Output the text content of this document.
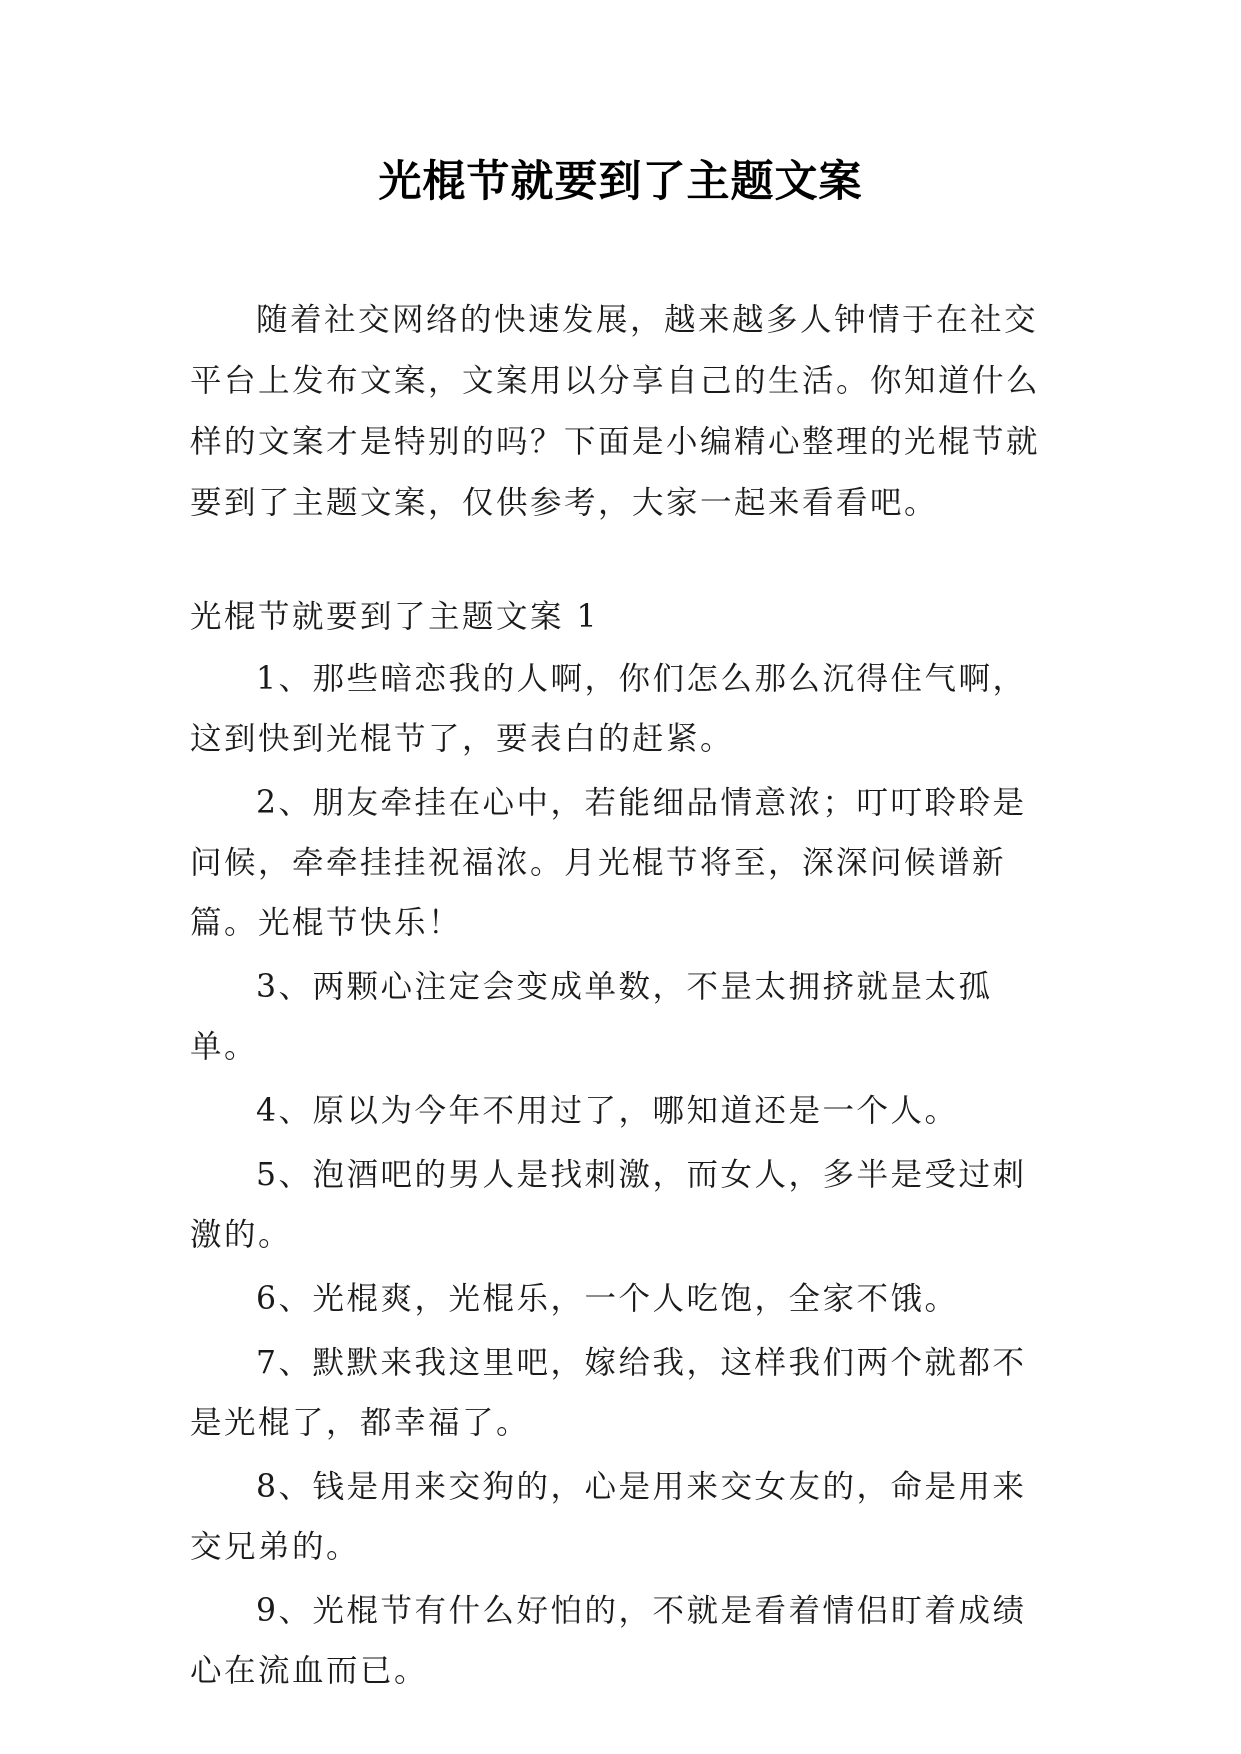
光棍节就要到了主题文案

随着社交网络的快速发展，越来越多人钟情于在社交平台上发布文案，文案用以分享自己的生活。你知道什么样的文案才是特别的吗？下面是小编精心整理的光棍节就要到了主题文案，仅供参考，大家一起来看看吧。

光棍节就要到了主题文案 1

1、那些暗恋我的人啊，你们怎么那么沉得住气啊，这到快到光棍节了，要表白的赶紧。

2、朋友牵挂在心中，若能细品情意浓；叮叮聆聆是问候，牵牵挂挂祝福浓。月光棍节将至，深深问候谱新篇。光棍节快乐！

3、两颗心注定会变成单数，不昰太拥挤就昰太孤单。

4、原以为今年不用过了，哪知道还是一个人。

5、泡酒吧的男人是找刺激，而女人，多半是受过刺激的。

6、光棍爽，光棍乐，一个人吃饱，全家不饿。

7、默默来我这里吧，嫁给我，这样我们两个就都不是光棍了，都幸福了。

8、钱是用来交狗的，心是用来交女友的，命是用来交兄弟的。

9、光棍节有什么好怕的，不就是看着情侣盯着成绩心在流血而已。
